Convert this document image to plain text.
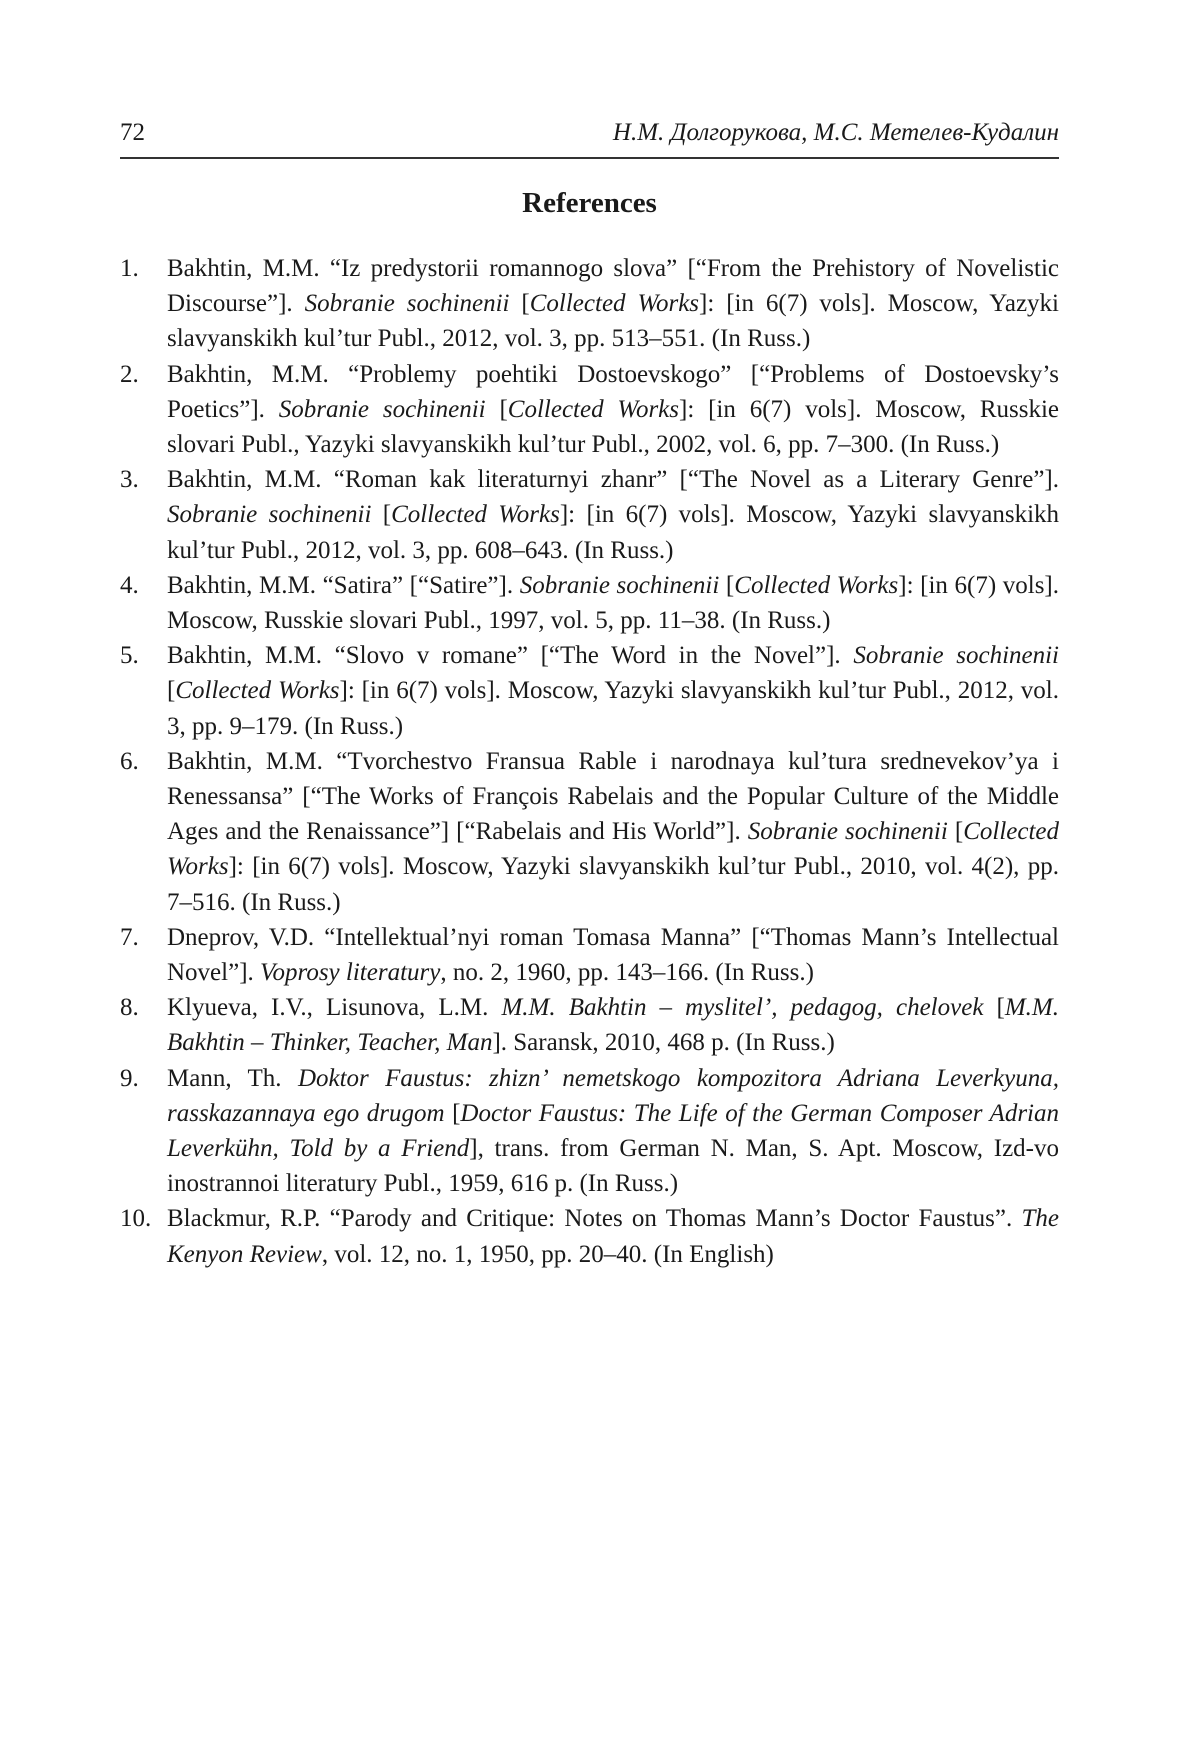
72	Н.М. Долгорукова, М.С. Метелев-Кудалин
References
1. Bakhtin, M.M. “Iz predystorii romannogo slova” [“From the Prehistory of Novelistic Discourse”]. Sobranie sochinenii [Collected Works]: [in 6(7) vols]. Moscow, Yazyki slavyanskikh kul’tur Publ., 2012, vol. 3, pp. 513–551. (In Russ.)
2. Bakhtin, M.M. “Problemy poehtiki Dostoevskogo” [“Problems of Dostoevsky’s Poetics”]. Sobranie sochinenii [Collected Works]: [in 6(7) vols]. Moscow, Russkie slovari Publ., Yazyki slavyanskikh kul’tur Publ., 2002, vol. 6, pp. 7–300. (In Russ.)
3. Bakhtin, M.M. “Roman kak literaturnyi zhanr” [“The Novel as a Literary Genre”]. Sobranie sochinenii [Collected Works]: [in 6(7) vols]. Moscow, Yazyki slavyanskikh kul’tur Publ., 2012, vol. 3, pp. 608–643. (In Russ.)
4. Bakhtin, M.M. “Satira” [“Satire”]. Sobranie sochinenii [Collected Works]: [in 6(7) vols]. Moscow, Russkie slovari Publ., 1997, vol. 5, pp. 11–38. (In Russ.)
5. Bakhtin, M.M. “Slovo v romane” [“The Word in the Novel”]. Sobranie sochinenii [Collected Works]: [in 6(7) vols]. Moscow, Yazyki slavyanskikh kul’tur Publ., 2012, vol. 3, pp. 9–179. (In Russ.)
6. Bakhtin, M.M. “Tvorchestvo Fransua Rable i narodnaya kul’tura srednevekov’ya i Renessansa” [“The Works of François Rabelais and the Popular Culture of the Middle Ages and the Renaissance”] [“Rabelais and His World”]. Sobranie sochinenii [Collected Works]: [in 6(7) vols]. Moscow, Yazyki slavyanskikh kul’tur Publ., 2010, vol. 4(2), pp. 7–516. (In Russ.)
7. Dneprov, V.D. “Intellektual’nyi roman Tomasa Manna” [“Thomas Mann’s Intellectual Novel”]. Voprosy literatury, no. 2, 1960, pp. 143–166. (In Russ.)
8. Klyueva, I.V., Lisunova, L.M. M.M. Bakhtin – myslitel’, pedagog, chelovek [M.M. Bakhtin – Thinker, Teacher, Man]. Saransk, 2010, 468 p. (In Russ.)
9. Mann, Th. Doktor Faustus: zhizn’ nemetskogo kompozitora Adriana Leverkyuna, rasskazannaya ego drugom [Doctor Faustus: The Life of the German Composer Adrian Leverkühn, Told by a Friend], trans. from German N. Man, S. Apt. Moscow, Izd-vo inostrannoi literatury Publ., 1959, 616 p. (In Russ.)
10. Blackmur, R.P. “Parody and Critique: Notes on Thomas Mann’s Doctor Faustus”. The Kenyon Review, vol. 12, no. 1, 1950, pp. 20–40. (In English)
